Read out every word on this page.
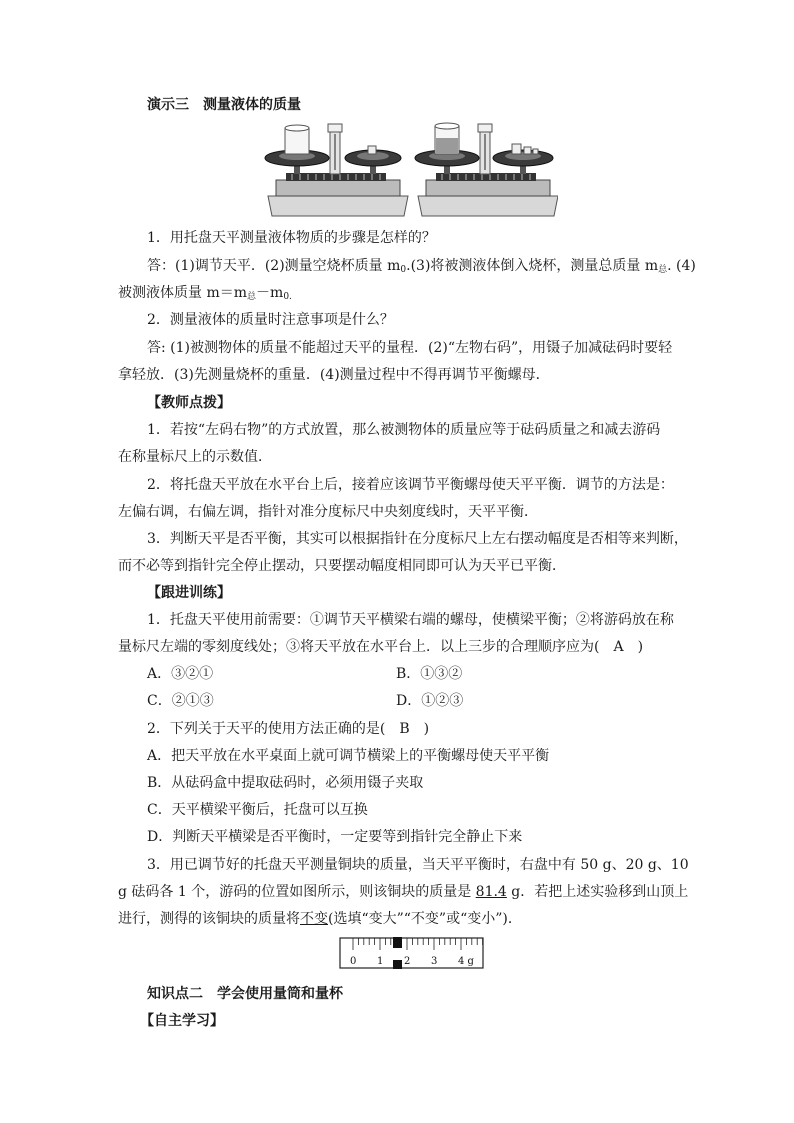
演示三　测量液体的质量
1．用托盘天平测量液体物质的步骤是怎样的？
答：(1)调节天平．(2)测量空烧杯质量 $m_0.(3)$将被测液体倒入烧杯，测量总质量 $m_总$. (4)
被测液体质量 $m=m_总-m_{0.}$
2．测量液体的质量时注意事项是什么？
答: (1)被测物体的质量不能超过天平的量程．(2)“左物右码”，用镊子加减砝码时要轻
拿轻放．(3)先测量烧杯的重量．(4)测量过程中不得再调节平衡螺母．
【教师点拨】
1．若按“左码右物”的方式放置，那么被测物体的质量应等于砝码质量之和减去游码
在称量标尺上的示数值．
2．将托盘天平放在水平台上后，接着应该调节平衡螺母使天平平衡．调节的方法是：
左偏右调，右偏左调，指针对准分度标尺中央刻度线时，天平平衡．
3．判断天平是否平衡，其实可以根据指针在分度标尺上左右摆动幅度是否相等来判断，
而不必等到指针完全停止摆动，只要摆动幅度相同即可认为天平已平衡．
【跟进训练】
1．托盘天平使用前需要：①调节天平横梁右端的螺母，使横梁平衡；②将游码放在称
量标尺左端的零刻度线处；③将天平放在水平台上．以上三步的合理顺序应为(　A　)
A．③②①	B．①③②
C．②①③	D．①②③
2．下列关于天平的使用方法正确的是(　B　)
A．把天平放在水平桌面上就可调节横梁上的平衡螺母使天平平衡
B．从砝码盒中提取砝码时，必须用镊子夹取
C．天平横梁平衡后，托盘可以互换
D．判断天平横梁是否平衡时，一定要等到指针完全静止下来
3．用已调节好的托盘天平测量铜块的质量，当天平平衡时，右盘中有 50 g、20 g、10
g 砝码各 1 个，游码的位置如图所示，则该铜块的质量是 81.4 g．若把上述实验移到山顶上
进行，测得的该铜块的质量将不变(选填“变大”“不变”或“变小”)．
0 1 2 3 4 g
知识点二　学会使用量筒和量杯
【自主学习】
